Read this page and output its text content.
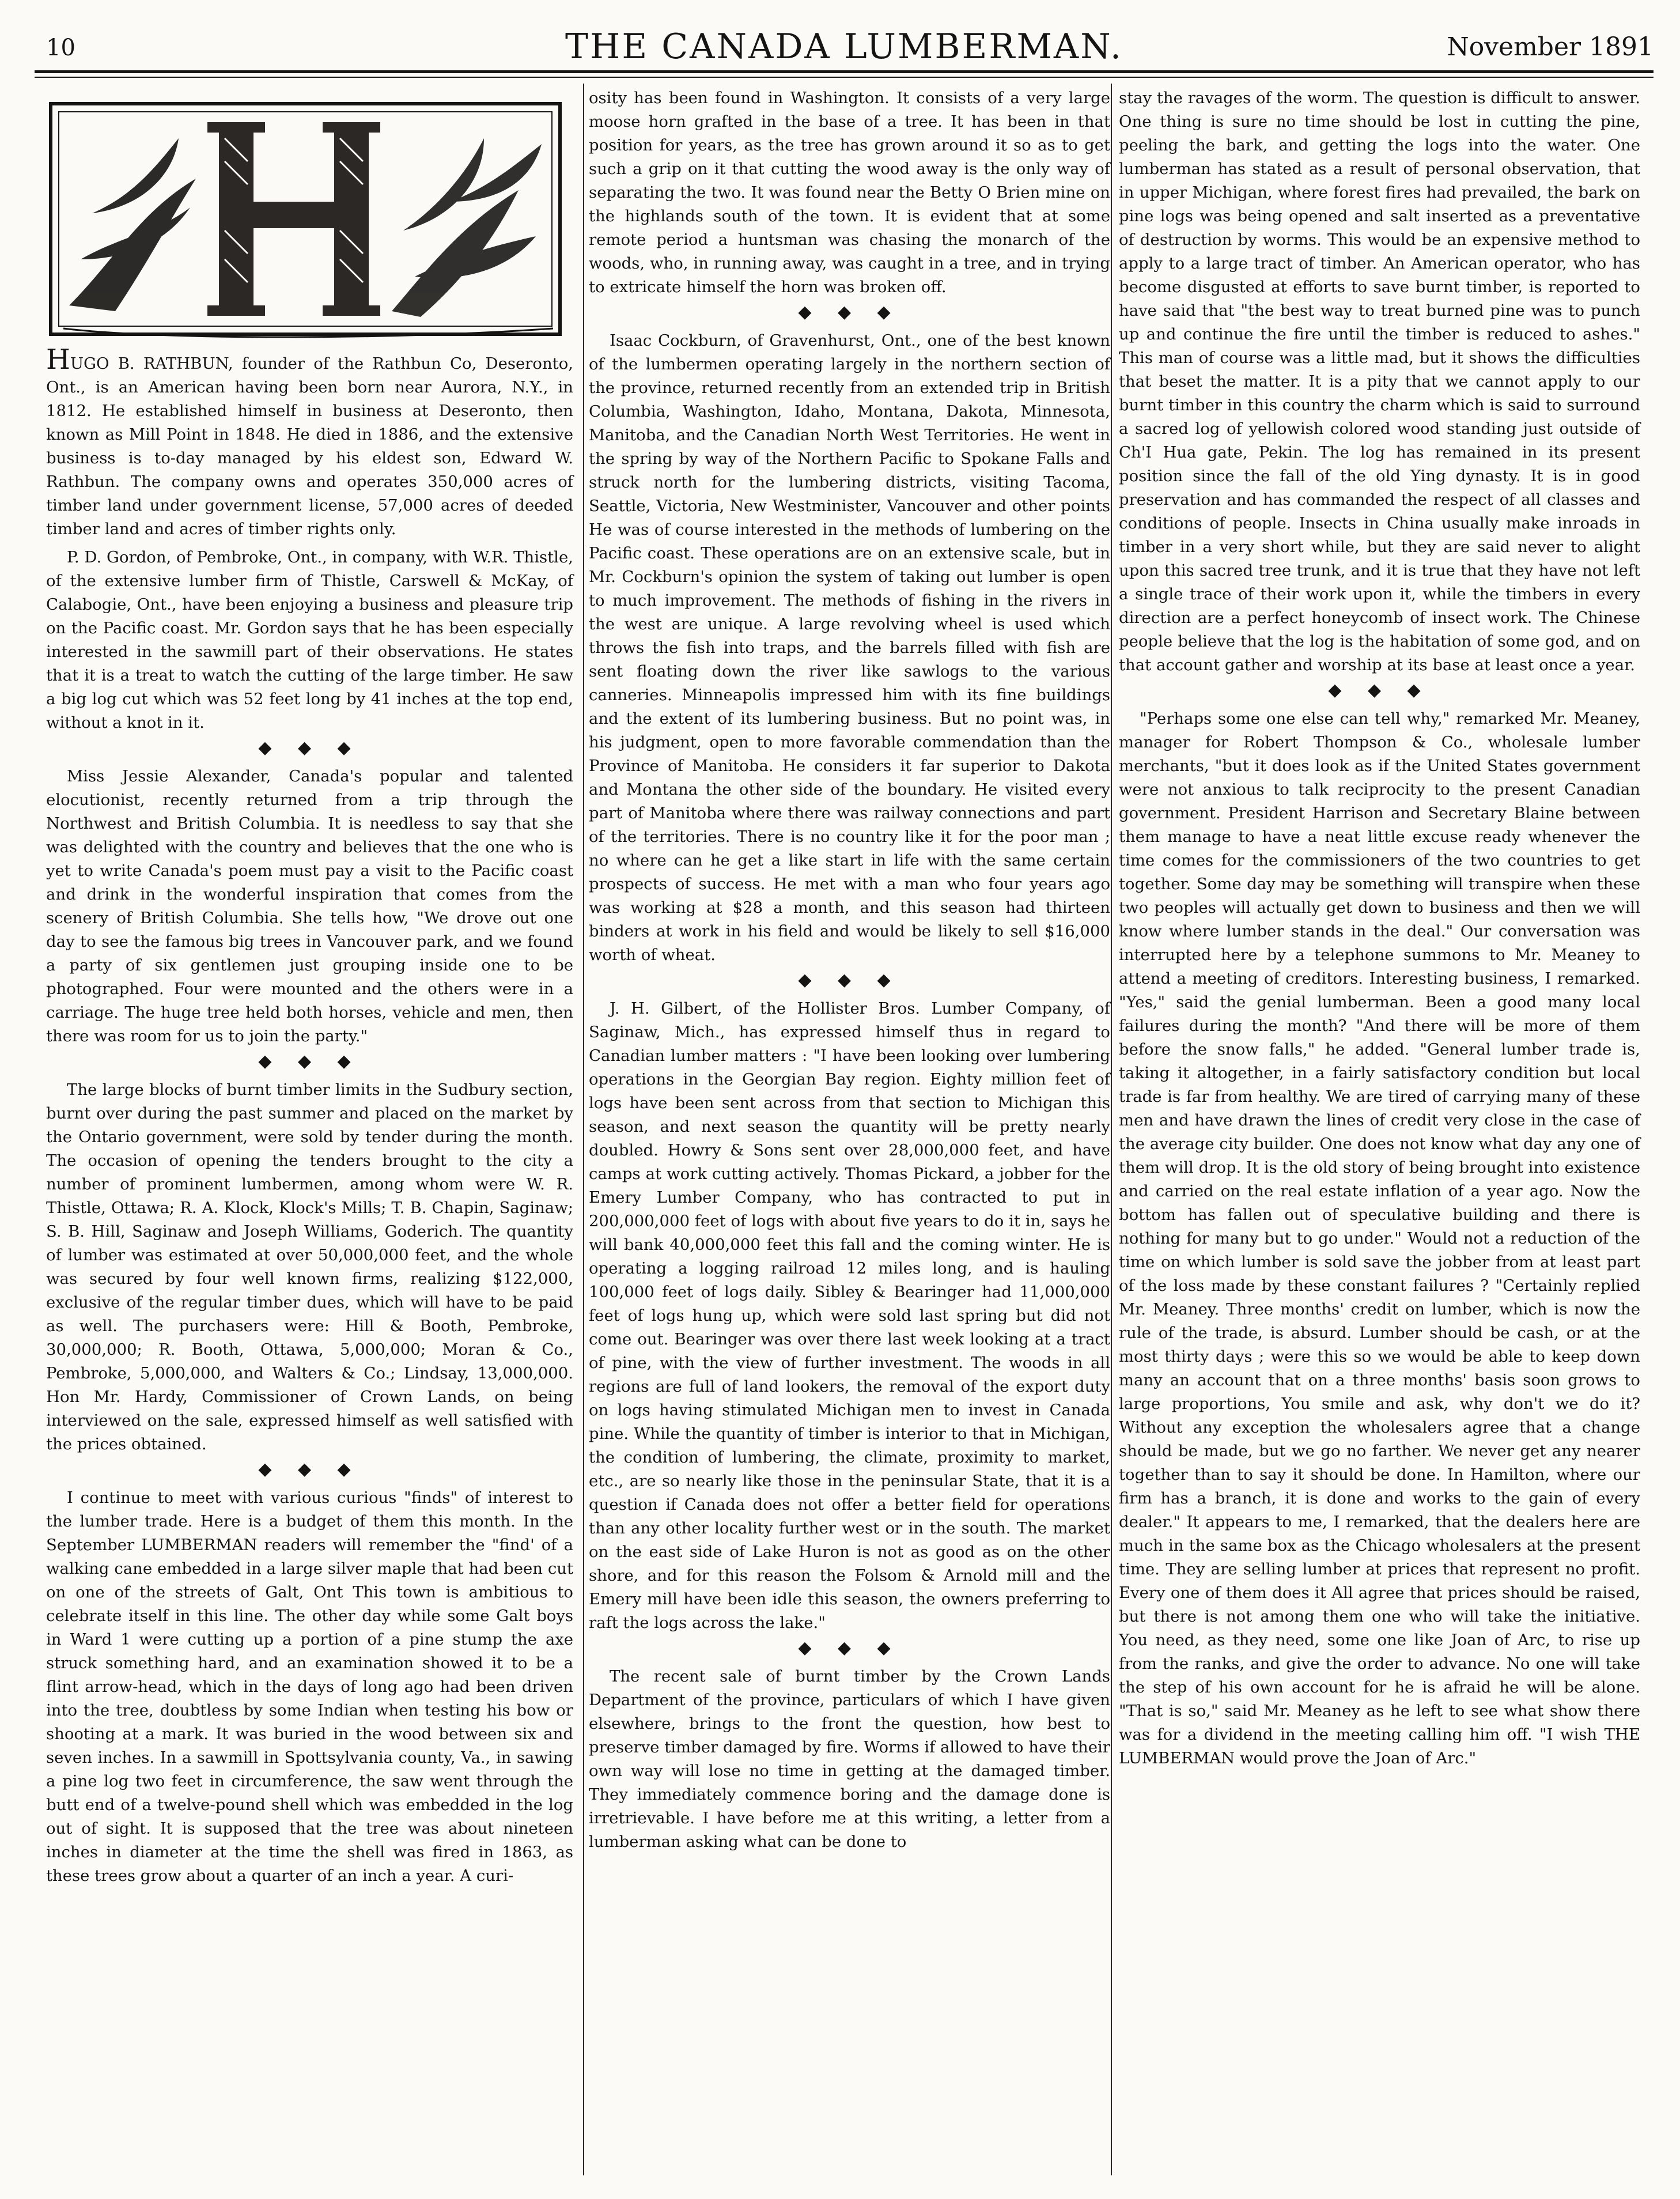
10	THE CANADA LUMBERMAN.	November 1891

HUGO B. RATHBUN, founder of the Rathbun Co, Deseronto, Ont., is an American having been born near Aurora, N.Y., in 1812. He established himself in business at Deseronto, then known as Mill Point in 1848. He died in 1886, and the extensive business is to-day managed by his eldest son, Edward W. Rathbun. The company owns and operates 350,000 acres of timber land under government license, 57,000 acres of deeded timber land and acres of timber rights only.

P. D. Gordon, of Pembroke, Ont., in company, with W.R. Thistle, of the extensive lumber firm of Thistle, Carswell & McKay, of Calabogie, Ont., have been enjoying a business and pleasure trip on the Pacific coast. Mr. Gordon says that he has been especially interested in the sawmill part of their observations. He states that it is a treat to watch the cutting of the large timber. He saw a big log cut which was 52 feet long by 41 inches at the top end, without a knot in it.

◆ ◆ ◆

Miss Jessie Alexander, Canada's popular and talented elocutionist, recently returned from a trip through the Northwest and British Columbia. It is needless to say that she was delighted with the country and believes that the one who is yet to write Canada's poem must pay a visit to the Pacific coast and drink in the wonderful inspiration that comes from the scenery of British Columbia. She tells how, "We drove out one day to see the famous big trees in Vancouver park, and we found a party of six gentlemen just grouping inside one to be photographed. Four were mounted and the others were in a carriage. The huge tree held both horses, vehicle and men, then there was room for us to join the party."

◆ ◆ ◆

The large blocks of burnt timber limits in the Sudbury section, burnt over during the past summer and placed on the market by the Ontario government, were sold by tender during the month. The occasion of opening the tenders brought to the city a number of prominent lumbermen, among whom were W. R. Thistle, Ottawa; R. A. Klock, Klock's Mills; T. B. Chapin, Saginaw; S. B. Hill, Saginaw and Joseph Williams, Goderich. The quantity of lumber was estimated at over 50,000,000 feet, and the whole was secured by four well known firms, realizing $122,000, exclusive of the regular timber dues, which will have to be paid as well. The purchasers were: Hill & Booth, Pembroke, 30,000,000; R. Booth, Ottawa, 5,000,000; Moran & Co., Pembroke, 5,000,000, and Walters & Co.; Lindsay, 13,000,000. Hon Mr. Hardy, Commissioner of Crown Lands, on being interviewed on the sale, expressed himself as well satisfied with the prices obtained.

◆ ◆ ◆

I continue to meet with various curious "finds" of interest to the lumber trade. Here is a budget of them this month. In the September LUMBERMAN readers will remember the "find' of a walking cane embedded in a large silver maple that had been cut on one of the streets of Galt, Ont This town is ambitious to celebrate itself in this line. The other day while some Galt boys in Ward 1 were cutting up a portion of a pine stump the axe struck something hard, and an examination showed it to be a flint arrow-head, which in the days of long ago had been driven into the tree, doubtless by some Indian when testing his bow or shooting at a mark. It was buried in the wood between six and seven inches. In a sawmill in Spottsylvania county, Va., in sawing a pine log two feet in circumference, the saw went through the butt end of a twelve-pound shell which was embedded in the log out of sight. It is supposed that the tree was about nineteen inches in diameter at the time the shell was fired in 1863, as these trees grow about a quarter of an inch a year. A curi-

osity has been found in Washington. It consists of a very large moose horn grafted in the base of a tree. It has been in that position for years, as the tree has grown around it so as to get such a grip on it that cutting the wood away is the only way of separating the two. It was found near the Betty O Brien mine on the highlands south of the town. It is evident that at some remote period a huntsman was chasing the monarch of the woods, who, in running away, was caught in a tree, and in trying to extricate himself the horn was broken off.

◆ ◆ ◆

Isaac Cockburn, of Gravenhurst, Ont., one of the best known of the lumbermen operating largely in the northern section of the province, returned recently from an extended trip in British Columbia, Washington, Idaho, Montana, Dakota, Minnesota, Manitoba, and the Canadian North West Territories. He went in the spring by way of the Northern Pacific to Spokane Falls and struck north for the lumbering districts, visiting Tacoma, Seattle, Victoria, New Westminister, Vancouver and other points He was of course interested in the methods of lumbering on the Pacific coast. These operations are on an extensive scale, but in Mr. Cockburn's opinion the system of taking out lumber is open to much improvement. The methods of fishing in the rivers in the west are unique. A large revolving wheel is used which throws the fish into traps, and the barrels filled with fish are sent floating down the river like sawlogs to the various canneries. Minneapolis impressed him with its fine buildings and the extent of its lumbering business. But no point was, in his judgment, open to more favorable commendation than the Province of Manitoba. He considers it far superior to Dakota and Montana the other side of the boundary. He visited every part of Manitoba where there was railway connections and part of the territories. There is no country like it for the poor man ; no where can he get a like start in life with the same certain prospects of success. He met with a man who four years ago was working at $28 a month, and this season had thirteen binders at work in his field and would be likely to sell $16,000 worth of wheat.

◆ ◆ ◆

J. H. Gilbert, of the Hollister Bros. Lumber Company, of Saginaw, Mich., has expressed himself thus in regard to Canadian lumber matters : "I have been looking over lumbering operations in the Georgian Bay region. Eighty million feet of logs have been sent across from that section to Michigan this season, and next season the quantity will be pretty nearly doubled. Howry & Sons sent over 28,000,000 feet, and have camps at work cutting actively. Thomas Pickard, a jobber for the Emery Lumber Company, who has contracted to put in 200,000,000 feet of logs with about five years to do it in, says he will bank 40,000,000 feet this fall and the coming winter. He is operating a logging railroad 12 miles long, and is hauling 100,000 feet of logs daily. Sibley & Bearinger had 11,000,000 feet of logs hung up, which were sold last spring but did not come out. Bearinger was over there last week looking at a tract of pine, with the view of further investment. The woods in all regions are full of land lookers, the removal of the export duty on logs having stimulated Michigan men to invest in Canada pine. While the quantity of timber is interior to that in Michigan, the condition of lumbering, the climate, proximity to market, etc., are so nearly like those in the peninsular State, that it is a question if Canada does not offer a better field for operations than any other locality further west or in the south. The market on the east side of Lake Huron is not as good as on the other shore, and for this reason the Folsom & Arnold mill and the Emery mill have been idle this season, the owners preferring to raft the logs across the lake."

◆ ◆ ◆

The recent sale of burnt timber by the Crown Lands Department of the province, particulars of which I have given elsewhere, brings to the front the question, how best to preserve timber damaged by fire. Worms if allowed to have their own way will lose no time in getting at the damaged timber. They immediately commence boring and the damage done is irretrievable. I have before me at this writing, a letter from a lumberman asking what can be done to

stay the ravages of the worm. The question is difficult to answer. One thing is sure no time should be lost in cutting the pine, peeling the bark, and getting the logs into the water. One lumberman has stated as a result of personal observation, that in upper Michigan, where forest fires had prevailed, the bark on pine logs was being opened and salt inserted as a preventative of destruction by worms. This would be an expensive method to apply to a large tract of timber. An American operator, who has become disgusted at efforts to save burnt timber, is reported to have said that "the best way to treat burned pine was to punch up and continue the fire until the timber is reduced to ashes." This man of course was a little mad, but it shows the difficulties that beset the matter. It is a pity that we cannot apply to our burnt timber in this country the charm which is said to surround a sacred log of yellowish colored wood standing just outside of Ch'I Hua gate, Pekin. The log has remained in its present position since the fall of the old Ying dynasty. It is in good preservation and has commanded the respect of all classes and conditions of people. Insects in China usually make inroads in timber in a very short while, but they are said never to alight upon this sacred tree trunk, and it is true that they have not left a single trace of their work upon it, while the timbers in every direction are a perfect honeycomb of insect work. The Chinese people believe that the log is the habitation of some god, and on that account gather and worship at its base at least once a year.

◆ ◆ ◆

"Perhaps some one else can tell why," remarked Mr. Meaney, manager for Robert Thompson & Co., wholesale lumber merchants, "but it does look as if the United States government were not anxious to talk reciprocity to the present Canadian government. President Harrison and Secretary Blaine between them manage to have a neat little excuse ready whenever the time comes for the commissioners of the two countries to get together. Some day may be something will transpire when these two peoples will actually get down to business and then we will know where lumber stands in the deal." Our conversation was interrupted here by a telephone summons to Mr. Meaney to attend a meeting of creditors. Interesting business, I remarked. "Yes," said the genial lumberman. Been a good many local failures during the month? "And there will be more of them before the snow falls," he added. "General lumber trade is, taking it altogether, in a fairly satisfactory condition but local trade is far from healthy. We are tired of carrying many of these men and have drawn the lines of credit very close in the case of the average city builder. One does not know what day any one of them will drop. It is the old story of being brought into existence and carried on the real estate inflation of a year ago. Now the bottom has fallen out of speculative building and there is nothing for many but to go under." Would not a reduction of the time on which lumber is sold save the jobber from at least part of the loss made by these constant failures ? "Certainly replied Mr. Meaney. Three months' credit on lumber, which is now the rule of the trade, is absurd. Lumber should be cash, or at the most thirty days ; were this so we would be able to keep down many an account that on a three months' basis soon grows to large proportions, You smile and ask, why don't we do it? Without any exception the wholesalers agree that a change should be made, but we go no farther. We never get any nearer together than to say it should be done. In Hamilton, where our firm has a branch, it is done and works to the gain of every dealer." It appears to me, I remarked, that the dealers here are much in the same box as the Chicago wholesalers at the present time. They are selling lumber at prices that represent no profit. Every one of them does it All agree that prices should be raised, but there is not among them one who will take the initiative. You need, as they need, some one like Joan of Arc, to rise up from the ranks, and give the order to advance. No one will take the step of his own account for he is afraid he will be alone. "That is so," said Mr. Meaney as he left to see what show there was for a dividend in the meeting calling him off. "I wish THE LUMBERMAN would prove the Joan of Arc."
